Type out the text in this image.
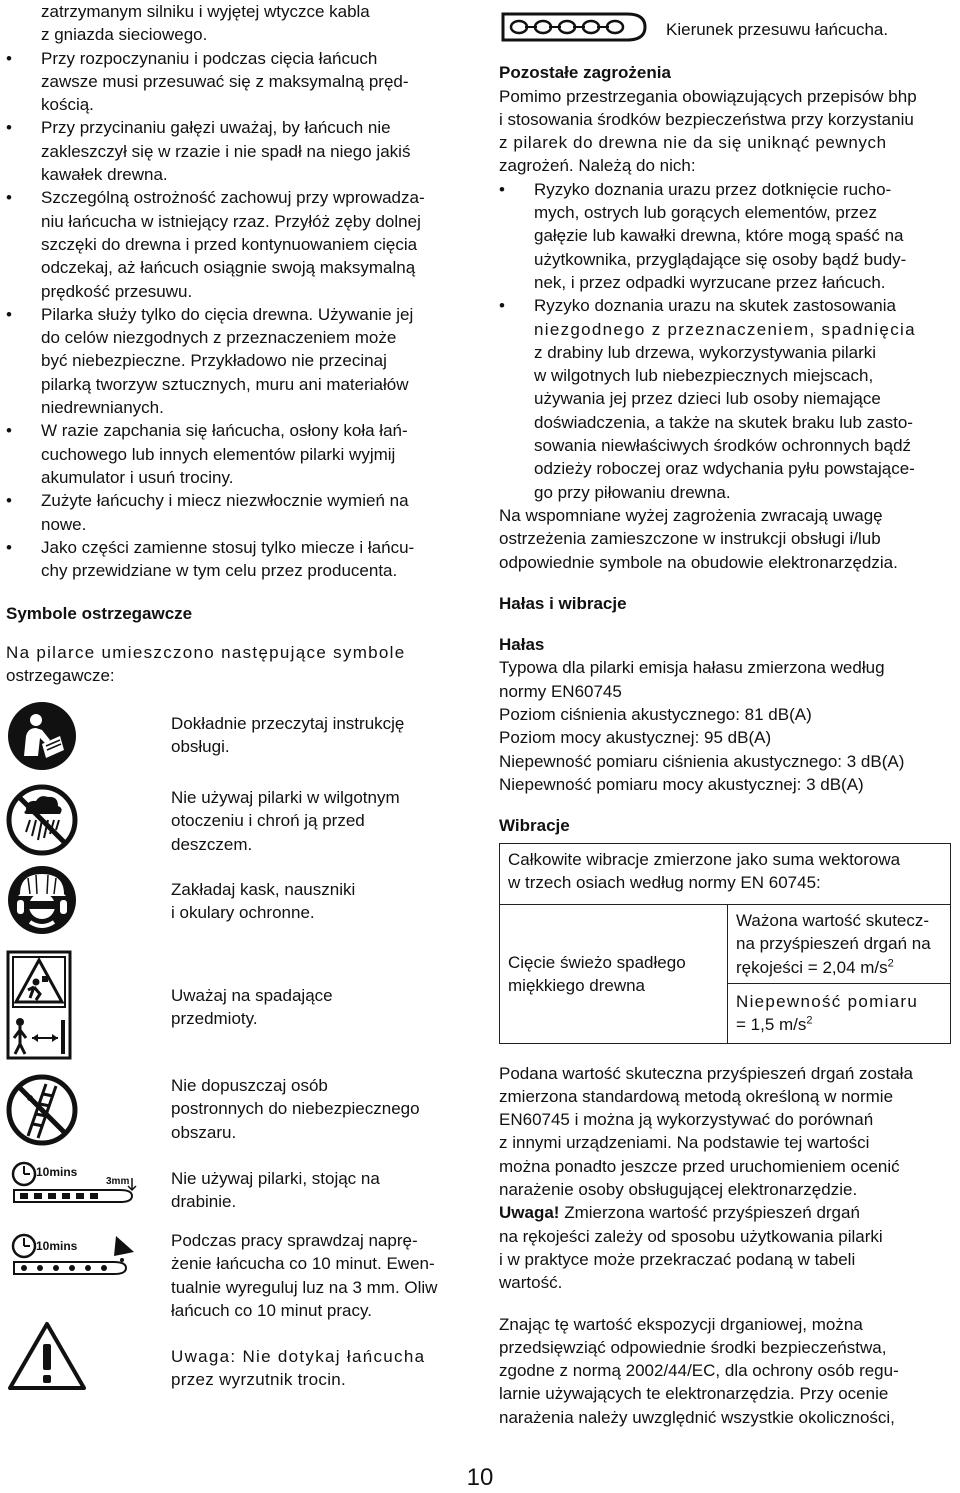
zatrzymanym silniku i wyjętej wtyczce kabla
z gniazda sieciowego.
• Przy rozpoczynaniu i podczas cięcia łańcuch
zawsze musi przesuwać się z maksymalną pręd-
kością.
• Przy przycinaniu gałęzi uważaj, by łańcuch nie
zakleszczył się w rzazie i nie spadł na niego jakiś
kawałek drewna.
• Szczególną ostrożność zachowuj przy wprowadza-
niu łańcucha w istniejący rzaz. Przyłóż zęby dolnej
szczęki do drewna i przed kontynuowaniem cięcia
odczekaj, aż łańcuch osiągnie swoją maksymalną
prędkość przesuwu.
• Pilarka służy tylko do cięcia drewna. Używanie jej
do celów niezgodnych z przeznaczeniem może
być niebezpieczne. Przykładowo nie przecinaj
pilarką tworzyw sztucznych, muru ani materiałów
niedrewnianych.
• W razie zapchania się łańcucha, osłony koła łań-
cuchowego lub innych elementów pilarki wyjmij
akumulator i usuń trociny.
• Zużyte łańcuchy i miecz niezwłocznie wymień na
nowe.
• Jako części zamienne stosuj tylko miecze i łańcu-
chy przewidziane w tym celu przez producenta.
Symbole ostrzegawcze
Na pilarce umieszczono następujące symbole
ostrzegawcze:
Dokładnie przeczytaj instrukcję
obsługi.
Nie używaj pilarki w wilgotnym
otoczeniu i chroń ją przed
deszczem.
Zakładaj kask, nauszniki
i okulary ochronne.
Uważaj na spadające
przedmioty.
Nie dopuszczaj osób
postronnych do niebezpiecznego
obszaru.
Nie używaj pilarki, stojąc na
drabinie.
10mins
3mm
10mins	Podczas pracy sprawdzaj naprę-
żenie łańcucha co 10 minut. Ewen-
tualnie wyreguluj luz na 3 mm. Oliw
łańcuch co 10 minut pracy.
Uwaga: Nie dotykaj łańcucha
przez wyrzutnik trocin.
Kierunek przesuwu łańcucha.
Pozostałe zagrożenia
Pomimo przestrzegania obowiązujących przepisów bhp
i stosowania środków bezpieczeństwa przy korzystaniu
z pilarek do drewna nie da się uniknąć pewnych
zagrożeń. Należą do nich:
• Ryzyko doznania urazu przez dotknięcie rucho-
mych, ostrych lub gorących elementów, przez
gałęzie lub kawałki drewna, które mogą spaść na
użytkownika, przyglądające się osoby bądź budy-
nek, i przez odpadki wyrzucane przez łańcuch.
• Ryzyko doznania urazu na skutek zastosowania
niezgodnego z przeznaczeniem, spadnięcia
z drabiny lub drzewa, wykorzystywania pilarki
w wilgotnych lub niebezpiecznych miejscach,
używania jej przez dzieci lub osoby niemające
doświadczenia, a także na skutek braku lub zasto-
sowania niewłaściwych środków ochronnych bądź
odzieży roboczej oraz wdychania pyłu powstające-
go przy piłowaniu drewna.
Na wspomniane wyżej zagrożenia zwracają uwagę
ostrzeżenia zamieszczone w instrukcji obsługi i/lub
odpowiednie symbole na obudowie elektronarzędzia.
Hałas i wibracje
Hałas
Typowa dla pilarki emisja hałasu zmierzona według
normy EN60745
Poziom ciśnienia akustycznego: 81 dB(A)
Poziom mocy akustycznej: 95 dB(A)
Niepewność pomiaru ciśnienia akustycznego: 3 dB(A)
Niepewność pomiaru mocy akustycznej: 3 dB(A)
Wibracje
Całkowite wibracje zmierzone jako suma wektorowa
w trzech osiach według normy EN 60745:
Cięcie świeżo spadłego
miękkiego drewna
Ważona wartość skutecz-
na przyśpieszeń drgań na
rękojeści = 2,04 $m/s^2$
Niepewność pomiaru
= 1,5 $m/s^2$
Podana wartość skuteczna przyśpieszeń drgań została
zmierzona standardową metodą określoną w normie
EN60745 i można ją wykorzystywać do porównań
z innymi urządzeniami. Na podstawie tej wartości
można ponadto jeszcze przed uruchomieniem ocenić
narażenie osoby obsługującej elektronarzędzie.
Uwaga! Zmierzona wartość przyśpieszeń drgań
na rękojeści zależy od sposobu użytkowania pilarki
i w praktyce może przekraczać podaną w tabeli
wartość.
Znając tę wartość ekspozycji drganiowej, można
przedsięwziąć odpowiednie środki bezpieczeństwa,
zgodne z normą 2002/44/EC, dla ochrony osób regu-
larnie używających te elektronarzędzia. Przy ocenie
narażenia należy uwzględnić wszystkie okoliczności,
10
